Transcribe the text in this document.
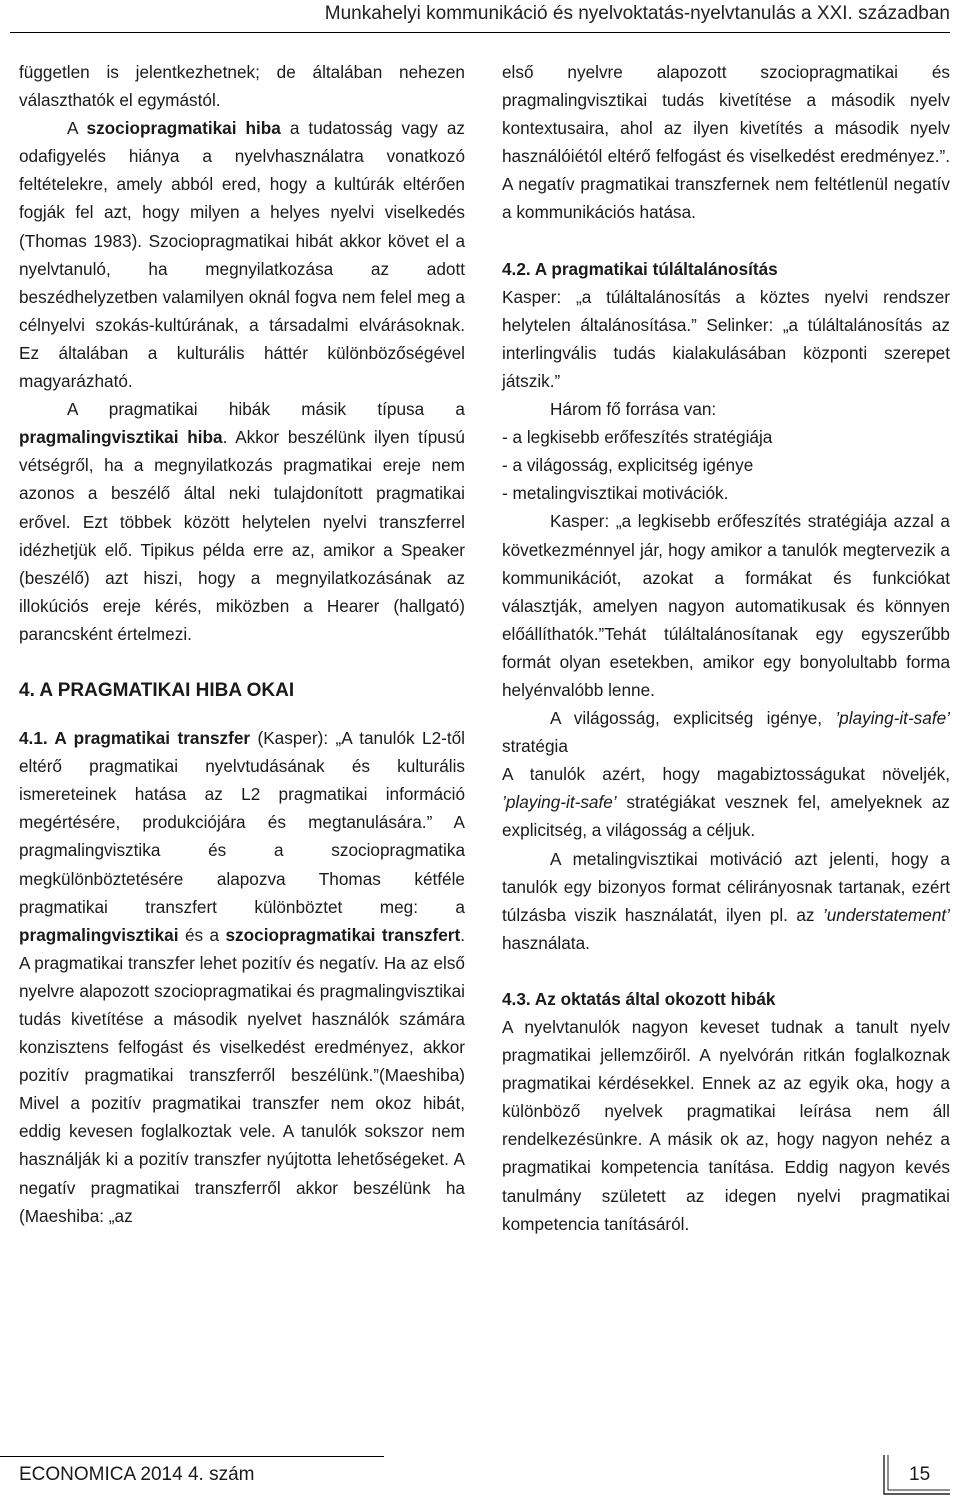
Munkahelyi kommunikáció és nyelvoktatás-nyelvtanulás a XXI. században

független is jelentkezhetnek; de általában nehezen választhatók el egymástól.

A szociopragmatikai hiba a tudatosság vagy az odafigyelés hiánya a nyelvhasználatra vonatkozó feltételekre, amely abból ered, hogy a kultúrák eltérően fogják fel azt, hogy milyen a helyes nyelvi viselkedés (Thomas 1983). Szociopragmatikai hibát akkor követ el a nyelvtanuló, ha megnyilatkozása az adott beszédhelyzetben valamilyen oknál fogva nem felel meg a célnyelvi szokás-kultúrának, a társadalmi elvárásoknak. Ez általában a kulturális háttér különbözőségével magyarázható.

A pragmatikai hibák másik típusa a pragmalingvisztikai hiba. Akkor beszélünk ilyen típusú vétségről, ha a megnyilatkozás pragmatikai ereje nem azonos a beszélő által neki tulajdonított pragmatikai erővel. Ezt többek között helytelen nyelvi transzferrel idézhetjük elő. Tipikus példa erre az, amikor a Speaker (beszélő) azt hiszi, hogy a megnyilatkozásának az illokúciós ereje kérés, miközben a Hearer (hallgató) parancsként értelmezi.

4. A PRAGMATIKAI HIBA OKAI

4.1. A pragmatikai transzfer (Kasper): „A tanulók L2-től eltérő pragmatikai nyelvtudásának és kulturális ismereteinek hatása az L2 pragmatikai információ megértésére, produkciójára és megtanulására.” A pragmalingvisztika és a szociopragmatika megkülönböztetésére alapozva Thomas kétféle pragmatikai transzfert különböztet meg: a pragmalingvisztikai és a szociopragmatikai transzfert. A pragmatikai transzfer lehet pozitív és negatív. Ha az első nyelvre alapozott szociopragmatikai és pragmalingvisztikai tudás kivetítése a második nyelvet használók számára konzisztens felfogást és viselkedést eredményez, akkor pozitív pragmatikai transzferről beszélünk.”(Maeshiba) Mivel a pozitív pragmatikai transzfer nem okoz hibát, eddig kevesen foglalkoztak vele. A tanulók sokszor nem használják ki a pozitív transzfer nyújtotta lehetőségeket. A negatív pragmatikai transzferről akkor beszélünk ha (Maeshiba: „az

első nyelvre alapozott szociopragmatikai és pragmalingvisztikai tudás kivetítése a második nyelv kontextusaira, ahol az ilyen kivetítés a második nyelv használóiétól eltérő felfogást és viselkedést eredményez.”. A negatív pragmatikai transzfernek nem feltétlenül negatív a kommunikációs hatása.

4.2. A pragmatikai túláltalánosítás

Kasper: „a túláltalánosítás a köztes nyelvi rendszer helytelen általánosítása.” Selinker: „a túláltalánosítás az interlingvális tudás kialakulásában központi szerepet játszik.”

Három fő forrása van:

- a legkisebb erőfeszítés stratégiája

- a világosság, explicitség igénye

- metalingvisztikai motivációk.

Kasper: „a legkisebb erőfeszítés stratégiája azzal a következménnyel jár, hogy amikor a tanulók megtervezik a kommunikációt, azokat a formákat és funkciókat választják, amelyen nagyon automatikusak és könnyen előállíthatók.”Tehát túláltalánosítanak egy egyszerűbb formát olyan esetekben, amikor egy bonyolultabb forma helyénvalóbb lenne.

A világosság, explicitség igénye, ’playing-it-safe’ stratégia

A tanulók azért, hogy magabiztosságukat növeljék, ’playing-it-safe’ stratégiákat vesznek fel, amelyeknek az explicitség, a világosság a céljuk.

A metalingvisztikai motiváció azt jelenti, hogy a tanulók egy bizonyos format célirányosnak tartanak, ezért túlzásba viszik használatát, ilyen pl. az ’understatement’ használata.

4.3. Az oktatás által okozott hibák

A nyelvtanulók nagyon keveset tudnak a tanult nyelv pragmatikai jellemzőiről. A nyelvórán ritkán foglalkoznak pragmatikai kérdésekkel. Ennek az az egyik oka, hogy a különböző nyelvek pragmatikai leírása nem áll rendelkezésünkre. A másik ok az, hogy nagyon nehéz a pragmatikai kompetencia tanítása. Eddig nagyon kevés tanulmány született az idegen nyelvi pragmatikai kompetencia tanításáról.

ECONOMICA 2014 4. szám	15
